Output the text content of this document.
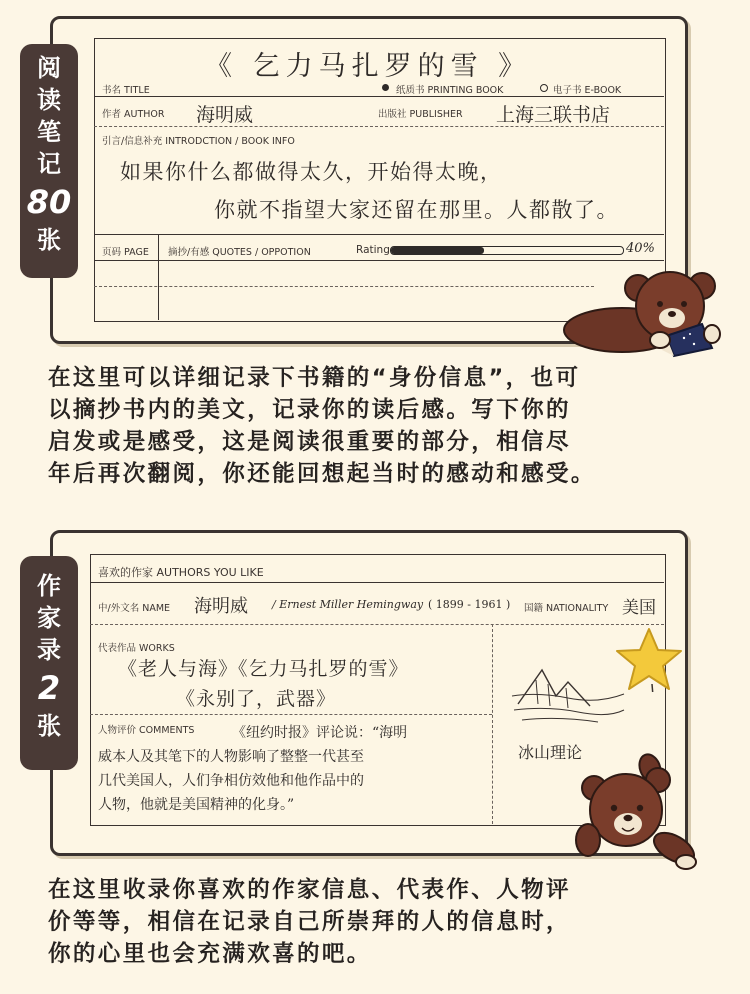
阅
读
笔
记
80
张
《 乞力马扎罗的雪 》
书名 TITLE	纸质书 PRINTING BOOK	电子书 E-BOOK
作者 AUTHOR 海明威	出版社 PUBLISHER 上海三联书店
引言/信息补充 INTRODCTION / BOOK INFO
如果你什么都做得太久，开始得太晚，
你就不指望大家还留在那里。人都散了。
页码 PAGE 摘抄/有感 QUOTES / OPPOTION	Rating	40%
在这里可以详细记录下书籍的“身份信息”，也可
以摘抄书内的美文，记录你的读后感。写下你的
启发或是感受，这是阅读很重要的部分，相信尽
年后再次翻阅，你还能回想起当时的感动和感受。
作
家
录
2
张
喜欢的作家 AUTHORS YOU LIKE
中/外文名 NAME 海明威 / Ernest Miller Hemingway ( 1899 - 1961 ) 国籍 NATIONALITY 美国
代表作品 WORKS
《老人与海》《乞力马扎罗的雪》
《永别了，武器》
人物评价 COMMENTS	《纽约时报》评论说：“海明
威本人及其笔下的人物影响了整整一代甚至
几代美国人，人们争相仿效他和他作品中的
人物，他就是美国精神的化身。”
冰山理论
在这里收录你喜欢的作家信息、代表作、人物评
价等等，相信在记录自己所崇拜的人的信息时，
你的心里也会充满欢喜的吧。
